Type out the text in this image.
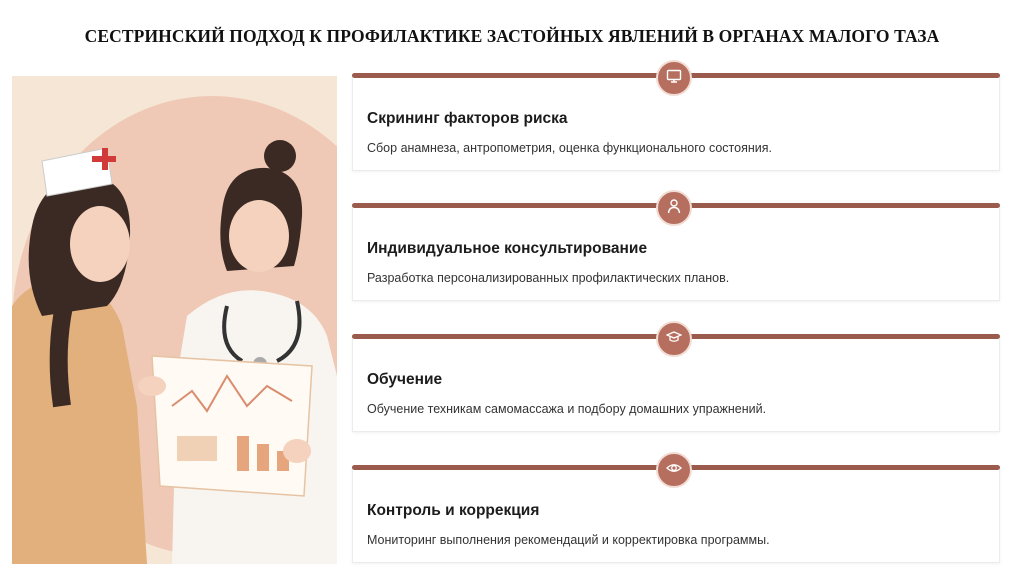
СЕСТРИНСКИЙ ПОДХОД К ПРОФИЛАКТИКЕ ЗАСТОЙНЫХ ЯВЛЕНИЙ В ОРГАНАХ МАЛОГО ТАЗА
Скрининг факторов риска
Сбор анамнеза, антропометрия, оценка функционального состояния.
Индивидуальное консультирование
Разработка персонализированных профилактических планов.
Обучение
Обучение техникам самомассажа и подбору домашних упражнений.
Контроль и коррекция
Мониторинг выполнения рекомендаций и корректировка программы.
